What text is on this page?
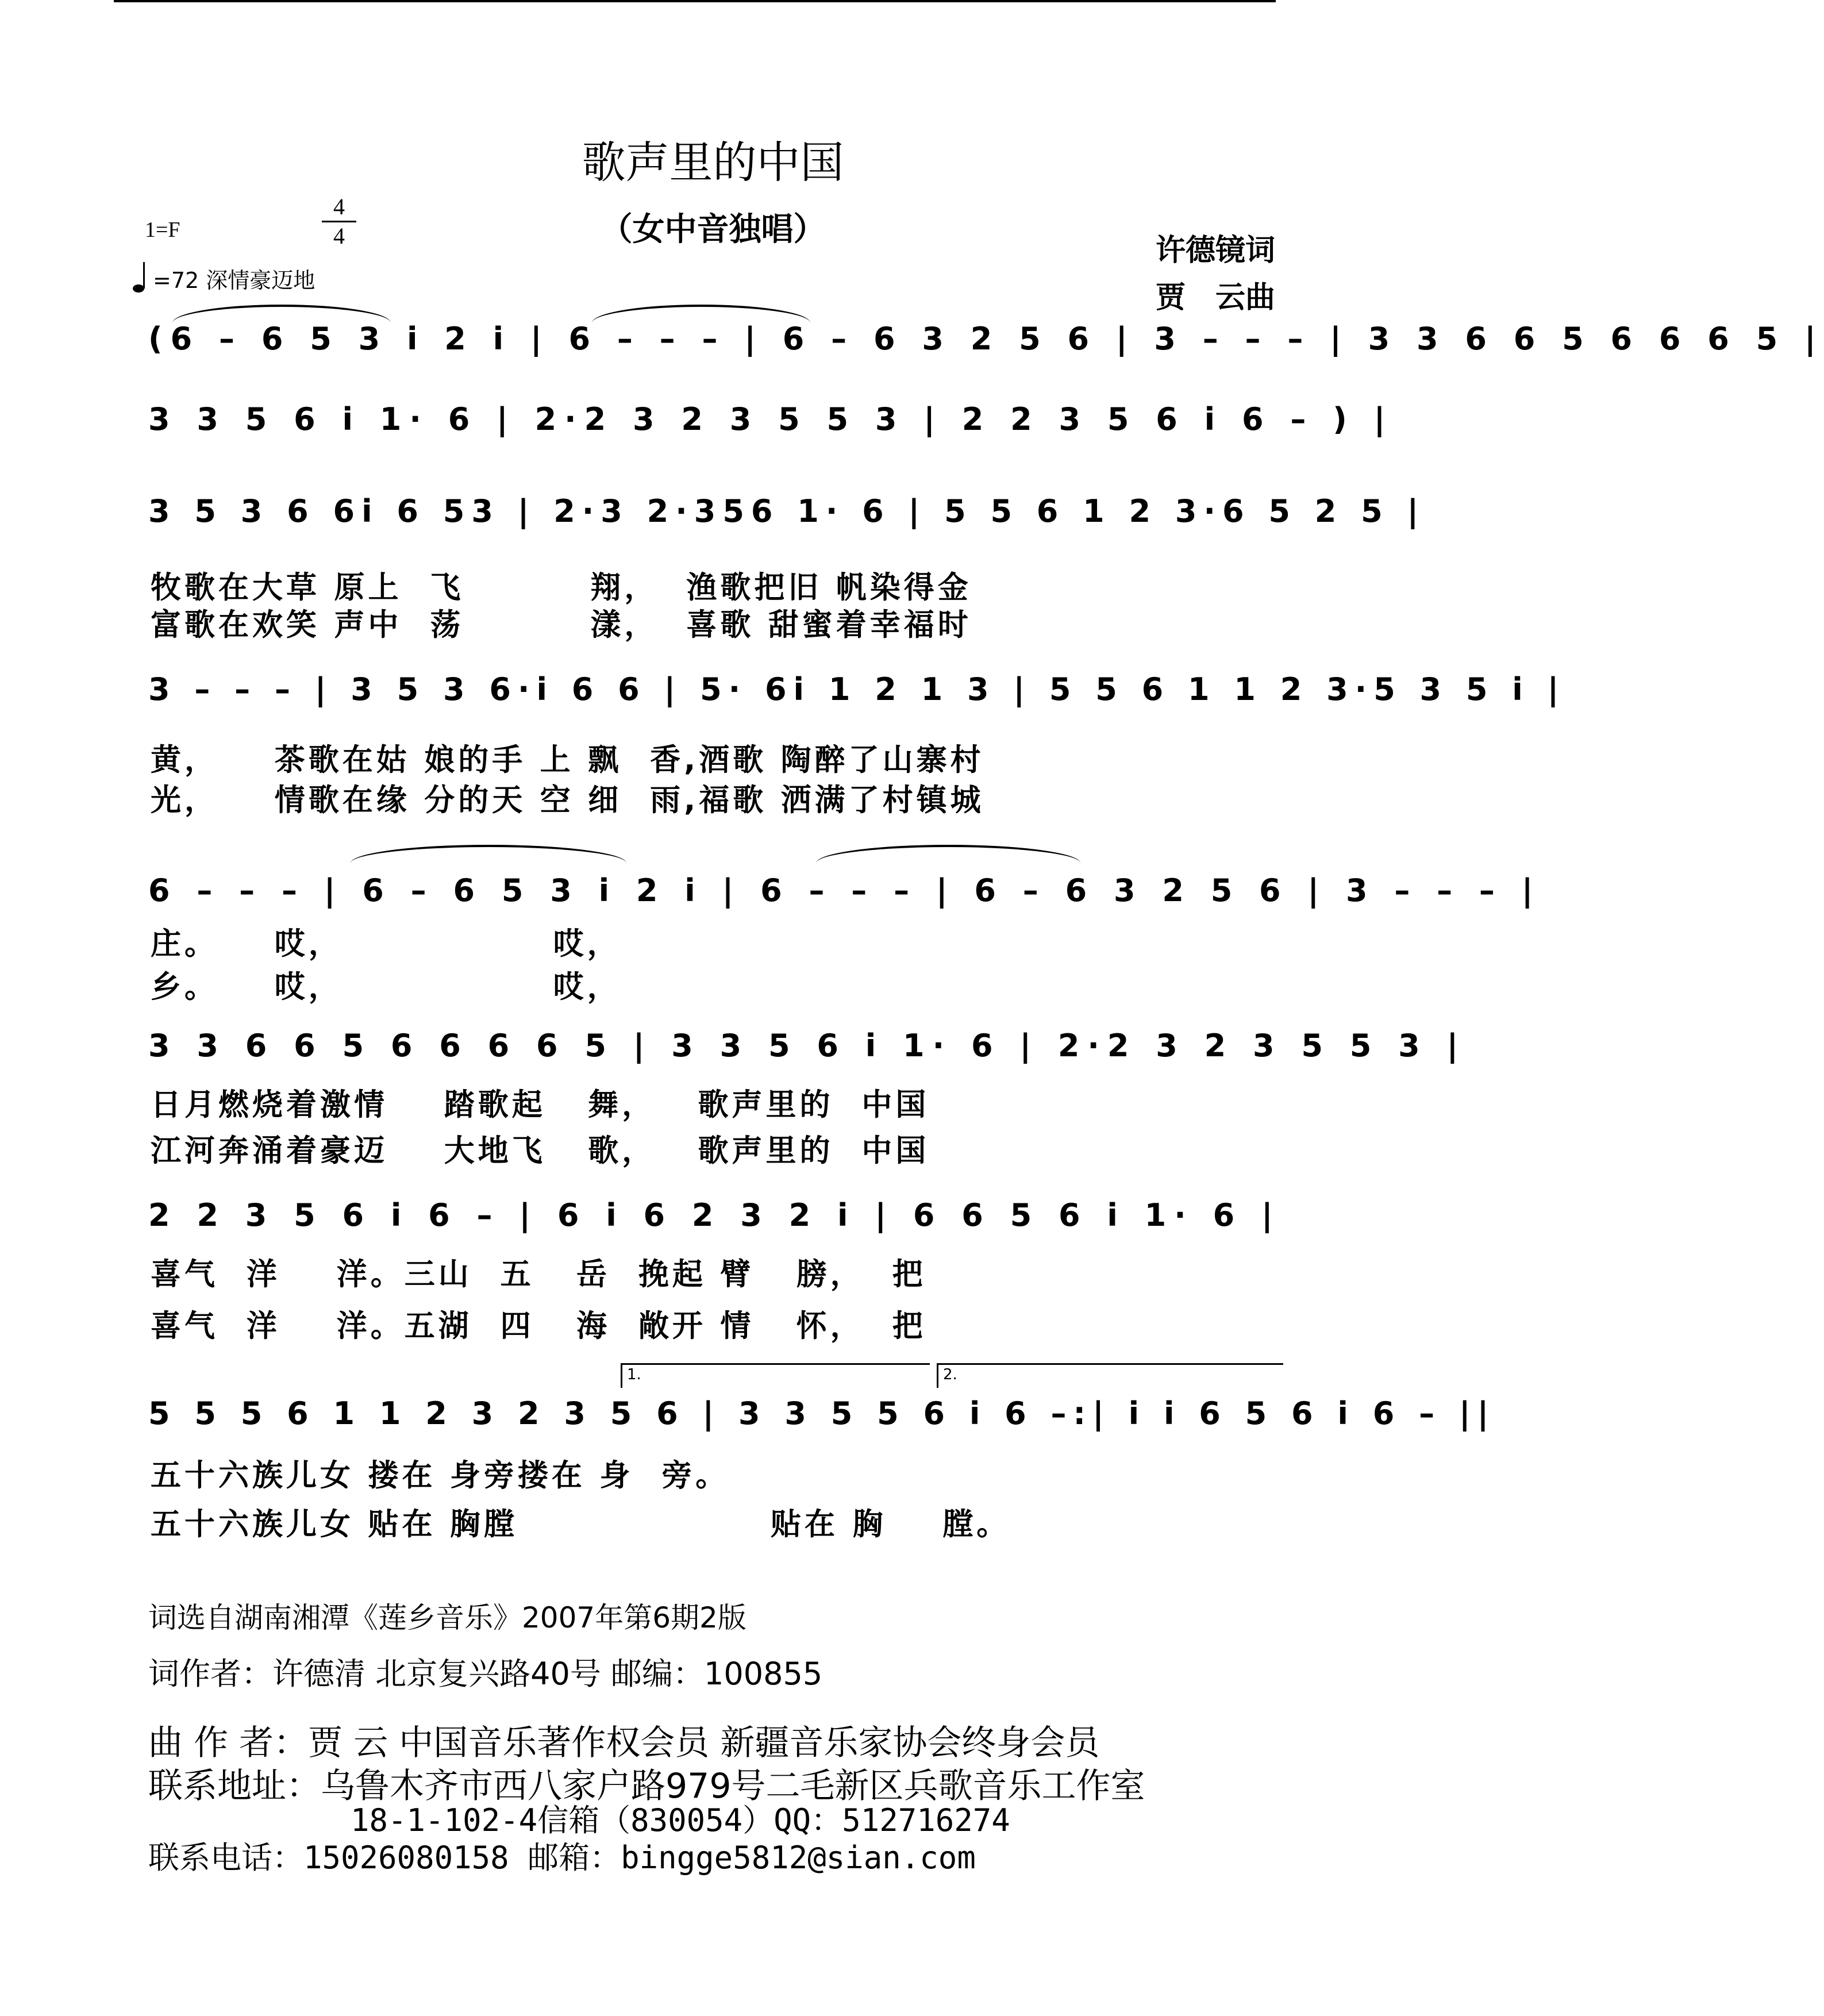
歌声里的中国
（女中音独唱）
1=F
4
4
=72 深情豪迈地
许德镜词
贾　云曲
(6 – 6 5 3 i 2 i | 6 – – – | 6 – 6 3 2 5 6 | 3 – – – | 3 3 6 6 5 6 6 6 5 |
3 3 5 6 i 1· 6 | 2·2 3 2 3 5 5 3 | 2 2 3 5 6 i 6 – ) |
3 5 3 6 6i 6 53 | 2·3 2·356 1· 6 | 5 5 6 1 2 3·6 5 2 5 |
牧歌在大草 原上  飞         翔，  渔歌把旧 帆染得金
富歌在欢笑 声中  荡         漾，  喜歌 甜蜜着幸福时
3 – – – | 3 5 3 6·i 6 6 | 5· 6i 1 2 1 3 | 5 5 6 1 1 2 3·5 3 5 i |
黄，    茶歌在姑 娘的手 上 飘  香,酒歌 陶醉了山寨村
光，    情歌在缘 分的天 空 细  雨,福歌 洒满了村镇城
6 – – – | 6 – 6 5 3 i 2 i | 6 – – – | 6 – 6 3 2 5 6 | 3 – – – |
庄。    哎，               哎，
乡。    哎，               哎，
3 3 6 6 5 6 6 6 6 5 | 3 3 5 6 i 1· 6 | 2·2 3 2 3 5 5 3 |
日月燃烧着激情    踏歌起   舞，   歌声里的  中国
江河奔涌着豪迈    大地飞   歌，   歌声里的  中国
2 2 3 5 6 i 6 – | 6 i 6 2 3 2 i | 6 6 5 6 i 1· 6 |
喜气  洋    洋。三山  五   岳  挽起 臂   膀，  把
喜气  洋    洋。五湖  四   海  敞开 情   怀，  把
1.	2.
5 5 5 6 1 1 2 3 2 3 5 6 | 3 3 5 5 6 i 6 –:| i i 6 5 6 i 6 – ||
五十六族儿女 搂在 身旁搂在 身  旁。
五十六族儿女 贴在 胸膛                  贴在 胸    膛。
词选自湖南湘潭《莲乡音乐》2007年第6期2版
词作者：许德清 北京复兴路40号 邮编：100855
曲 作 者：贾 云 中国音乐著作权会员 新疆音乐家协会终身会员
联系地址：乌鲁木齐市西八家户路979号二毛新区兵歌音乐工作室
18-1-102-4信箱（830054）QQ：512716274
联系电话：15026080158 邮箱：bingge5812@sian.com
